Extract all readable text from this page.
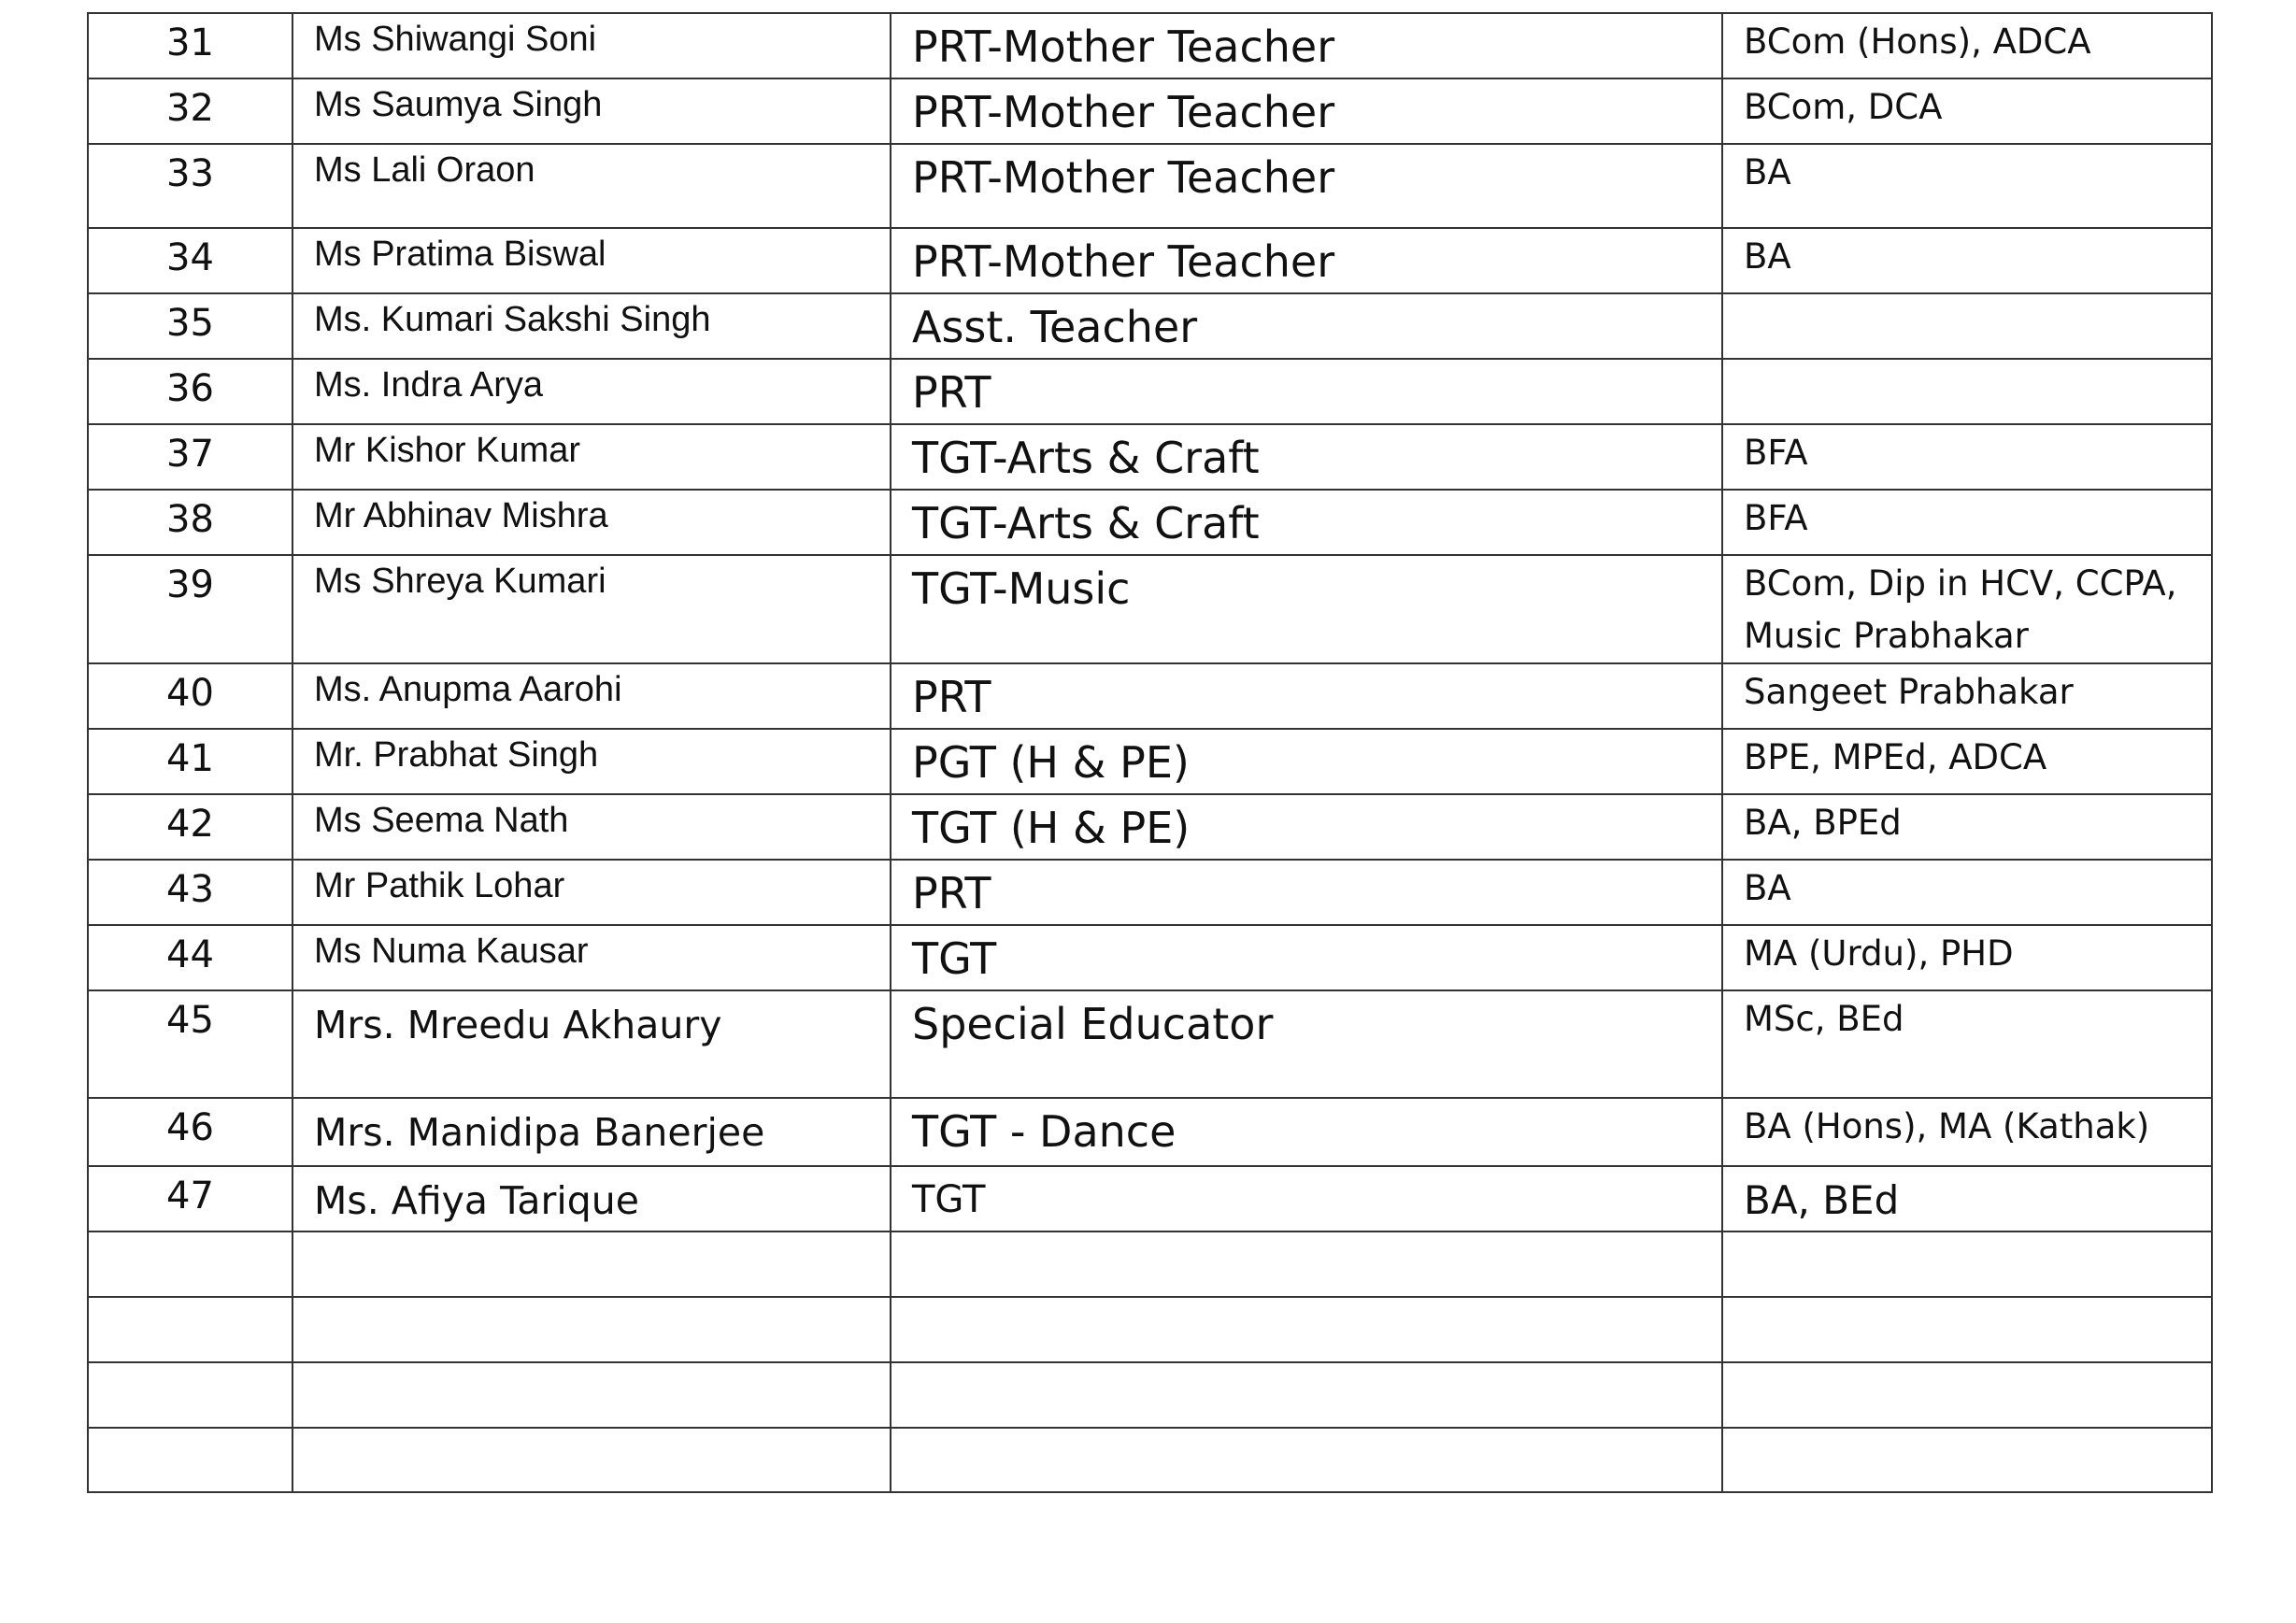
31	Ms Shiwangi Soni	PRT-Mother Teacher	BCom (Hons), ADCA
32	Ms Saumya Singh	PRT-Mother Teacher	BCom, DCA
33	Ms Lali Oraon	PRT-Mother Teacher	BA
34	Ms Pratima Biswal	PRT-Mother Teacher	BA
35	Ms. Kumari Sakshi Singh	Asst. Teacher	
36	Ms. Indra Arya	PRT	
37	Mr Kishor Kumar	TGT-Arts & Craft	BFA
38	Mr Abhinav Mishra	TGT-Arts & Craft	BFA
39	Ms Shreya Kumari	TGT-Music	BCom, Dip in HCV, CCPA, Music Prabhakar
40	Ms. Anupma Aarohi	PRT	Sangeet Prabhakar
41	Mr. Prabhat Singh	PGT (H & PE)	BPE, MPEd, ADCA
42	Ms Seema Nath	TGT (H & PE)	BA, BPEd
43	Mr Pathik Lohar	PRT	BA
44	Ms Numa Kausar	TGT	MA (Urdu), PHD
45	Mrs. Mreedu Akhaury	Special Educator	MSc, BEd
46	Mrs. Manidipa Banerjee	TGT - Dance	BA (Hons), MA (Kathak)
47	Ms. Afiya Tarique	TGT	BA, BEd
